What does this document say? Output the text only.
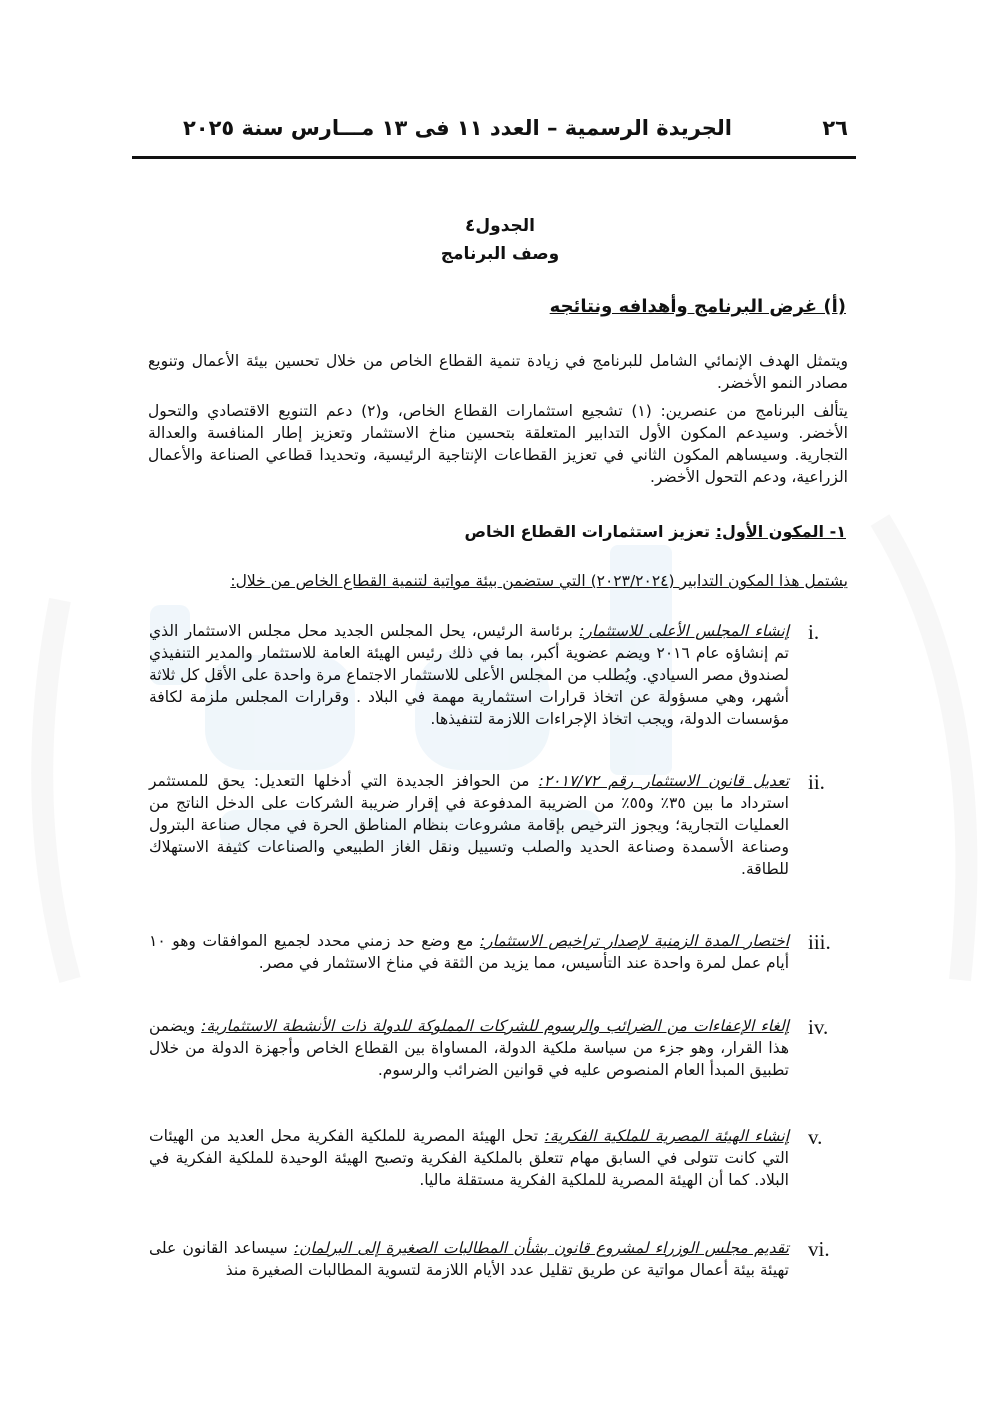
٢٦
الجريدة الرسمية – العدد ١١ فى ١٣ مـــارس سنة ٢٠٢٥
الجدول٤
وصف البرنامج
(أ) غرض البرنامج وأهدافه ونتائجه

ويتمثل الهدف الإنمائي الشامل للبرنامج في زيادة تنمية القطاع الخاص من خلال تحسين بيئة الأعمال وتنويع مصادر النمو الأخضر.

يتألف البرنامج من عنصرين: (١) تشجيع استثمارات القطاع الخاص، و(٢) دعم التنويع الاقتصادي والتحول الأخضر. وسيدعم المكون الأول التدابير المتعلقة بتحسين مناخ الاستثمار وتعزيز إطار المنافسة والعدالة التجارية. وسيساهم المكون الثاني في تعزيز القطاعات الإنتاجية الرئيسية، وتحديدا قطاعي الصناعة والأعمال الزراعية، ودعم التحول الأخضر.

١- المكون الأول: تعزيز استثمارات القطاع الخاص

يشتمل هذا المكون التدابير (٢٠٢٣/٢٠٢٤) التي ستضمن بيئة مواتية لتنمية القطاع الخاص من خلال:

i.

إنشاء المجلس الأعلى للاستثمار: برئاسة الرئيس، يحل المجلس الجديد محل مجلس الاستثمار الذي تم إنشاؤه عام ٢٠١٦ ويضم عضوية أكبر، بما في ذلك رئيس الهيئة العامة للاستثمار والمدير التنفيذي لصندوق مصر السيادي. ويُطلب من المجلس الأعلى للاستثمار الاجتماع مرة واحدة على الأقل كل ثلاثة أشهر، وهي مسؤولة عن اتخاذ قرارات استثمارية مهمة في البلاد . وقرارات المجلس ملزمة لكافة مؤسسات الدولة، ويجب اتخاذ الإجراءات اللازمة لتنفيذها.

ii.

تعديل قانون الاستثمار رقم ٢٠١٧/٧٢: من الحوافز الجديدة التي أدخلها التعديل: يحق للمستثمر استرداد ما بين ٣٥٪ و٥٥٪ من الضريبة المدفوعة في إقرار ضريبة الشركات على الدخل الناتج من العمليات التجارية؛ ويجوز الترخيص بإقامة مشروعات بنظام المناطق الحرة في مجال صناعة البترول وصناعة الأسمدة وصناعة الحديد والصلب وتسييل ونقل الغاز الطبيعي والصناعات كثيفة الاستهلاك للطاقة.

iii.

اختصار المدة الزمنية لإصدار تراخيص الاستثمار: مع وضع حد زمني محدد لجميع الموافقات وهو ١٠ أيام عمل لمرة واحدة عند التأسيس، مما يزيد من الثقة في مناخ الاستثمار في مصر.

iv.

إلغاء الإعفاءات من الضرائب والرسوم للشركات المملوكة للدولة ذات الأنشطة الاستثمارية: ويضمن هذا القرار، وهو جزء من سياسة ملكية الدولة، المساواة بين القطاع الخاص وأجهزة الدولة من خلال تطبيق المبدأ العام المنصوص عليه في قوانين الضرائب والرسوم.

v.

إنشاء الهيئة المصرية للملكية الفكرية: تحل الهيئة المصرية للملكية الفكرية محل العديد من الهيئات التي كانت تتولى في السابق مهام تتعلق بالملكية الفكرية وتصبح الهيئة الوحيدة للملكية الفكرية في البلاد. كما أن الهيئة المصرية للملكية الفكرية مستقلة ماليا.

vi.

تقديم مجلس الوزراء لمشروع قانون بشأن المطالبات الصغيرة إلى البرلمان: سيساعد القانون على تهيئة بيئة أعمال مواتية عن طريق تقليل عدد الأيام اللازمة لتسوية المطالبات الصغيرة منذ
